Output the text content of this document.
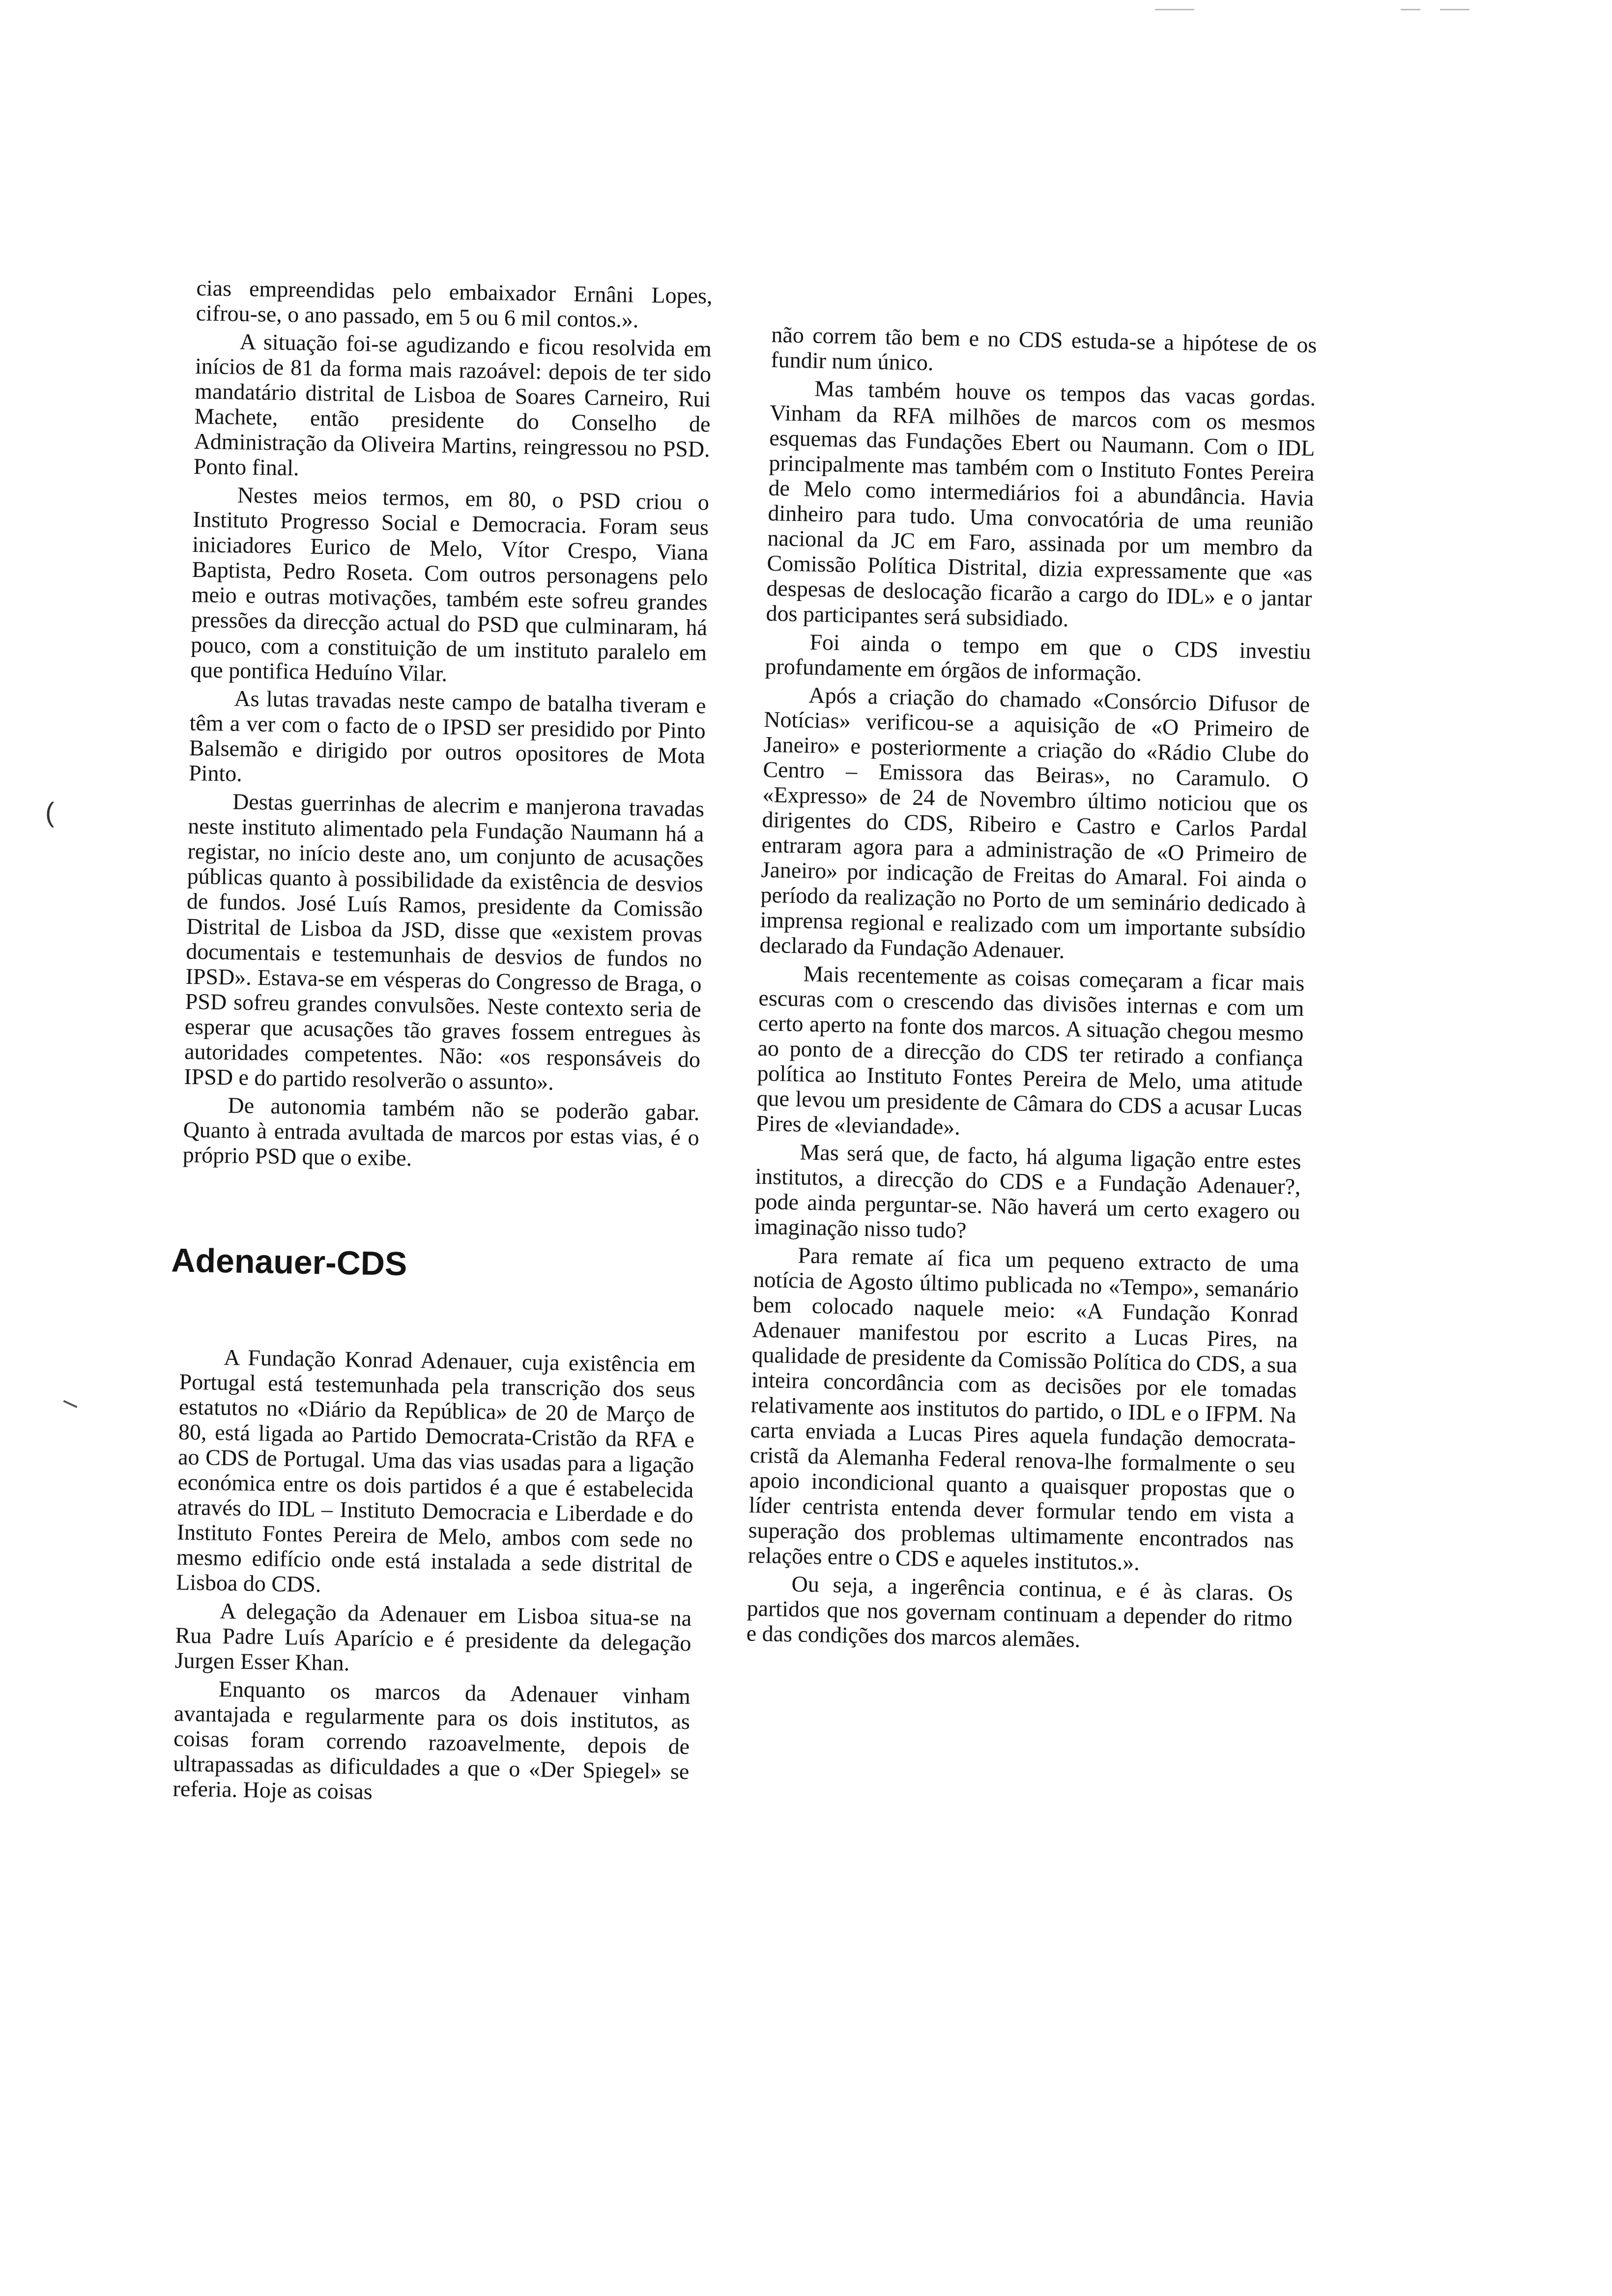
(

cias empreendidas pelo embaixador Ernâni Lopes, cifrou-se, o ano passado, em 5 ou 6 mil contos.».

A situação foi-se agudizando e ficou resolvida em inícios de 81 da forma mais razoável: depois de ter sido mandatário distrital de Lisboa de Soares Carneiro, Rui Machete, então presidente do Conselho de Administração da Oliveira Martins, reingressou no PSD. Ponto final.

Nestes meios termos, em 80, o PSD criou o Instituto Progresso Social e Democracia. Foram seus iniciadores Eurico de Melo, Vítor Crespo, Viana Baptista, Pedro Roseta. Com outros personagens pelo meio e outras motivações, também este sofreu grandes pressões da direcção actual do PSD que culminaram, há pouco, com a constituição de um instituto paralelo em que pontifica Heduíno Vilar.

As lutas travadas neste campo de batalha tiveram e têm a ver com o facto de o IPSD ser presidido por Pinto Balsemão e dirigido por outros opositores de Mota Pinto.

Destas guerrinhas de alecrim e manjerona travadas neste instituto alimentado pela Fundação Naumann há a registar, no início deste ano, um conjunto de acusações públicas quanto à possibilidade da existência de desvios de fundos. José Luís Ramos, presidente da Comissão Distrital de Lisboa da JSD, disse que «existem provas documentais e testemunhais de desvios de fundos no IPSD». Estava-se em vésperas do Congresso de Braga, o PSD sofreu grandes convulsões. Neste contexto seria de esperar que acusações tão graves fossem entregues às autoridades competentes. Não: «os responsáveis do IPSD e do partido resolverão o assunto».

De autonomia também não se poderão gabar. Quanto à entrada avultada de marcos por estas vias, é o próprio PSD que o exibe.

Adenauer-CDS

A Fundação Konrad Adenauer, cuja existência em Portugal está testemunhada pela transcrição dos seus estatutos no «Diário da República» de 20 de Março de 80, está ligada ao Partido Democrata-Cristão da RFA e ao CDS de Portugal. Uma das vias usadas para a ligação económica entre os dois partidos é a que é estabelecida através do IDL – Instituto Democracia e Liberdade e do Instituto Fontes Pereira de Melo, ambos com sede no mesmo edifício onde está instalada a sede distrital de Lisboa do CDS.

A delegação da Adenauer em Lisboa situa-se na Rua Padre Luís Aparício e é presidente da delegação Jurgen Esser Khan.

Enquanto os marcos da Adenauer vinham avantajada e regularmente para os dois institutos, as coisas foram correndo razoavelmente, depois de ultrapassadas as dificuldades a que o «Der Spiegel» se referia. Hoje as coisas

não correm tão bem e no CDS estuda-se a hipótese de os fundir num único.

Mas também houve os tempos das vacas gordas. Vinham da RFA milhões de marcos com os mesmos esquemas das Fundações Ebert ou Naumann. Com o IDL principalmente mas também com o Instituto Fontes Pereira de Melo como intermediários foi a abundância. Havia dinheiro para tudo. Uma convocatória de uma reunião nacional da JC em Faro, assinada por um membro da Comissão Política Distrital, dizia expressamente que «as despesas de deslocação ficarão a cargo do IDL» e o jantar dos participantes será subsidiado.

Foi ainda o tempo em que o CDS investiu profundamente em órgãos de informação.

Após a criação do chamado «Consórcio Difusor de Notícias» verificou-se a aquisição de «O Primeiro de Janeiro» e posteriormente a criação do «Rádio Clube do Centro – Emissora das Beiras», no Caramulo. O «Expresso» de 24 de Novembro último noticiou que os dirigentes do CDS, Ribeiro e Castro e Carlos Pardal entraram agora para a administração de «O Primeiro de Janeiro» por indicação de Freitas do Amaral. Foi ainda o período da realização no Porto de um seminário dedicado à imprensa regional e realizado com um importante subsídio declarado da Fundação Adenauer.

Mais recentemente as coisas começaram a ficar mais escuras com o crescendo das divisões internas e com um certo aperto na fonte dos marcos. A situação chegou mesmo ao ponto de a direcção do CDS ter retirado a confiança política ao Instituto Fontes Pereira de Melo, uma atitude que levou um presidente de Câmara do CDS a acusar Lucas Pires de «leviandade».

Mas será que, de facto, há alguma ligação entre estes institutos, a direcção do CDS e a Fundação Adenauer?, pode ainda perguntar-se. Não haverá um certo exagero ou imaginação nisso tudo?

Para remate aí fica um pequeno extracto de uma notícia de Agosto último publicada no «Tempo», semanário bem colocado naquele meio: «A Fundação Konrad Adenauer manifestou por escrito a Lucas Pires, na qualidade de presidente da Comissão Política do CDS, a sua inteira concordância com as decisões por ele tomadas relativamente aos institutos do partido, o IDL e o IFPM. Na carta enviada a Lucas Pires aquela fundação democrata-cristã da Alemanha Federal renova-lhe formalmente o seu apoio incondicional quanto a quaisquer propostas que o líder centrista entenda dever formular tendo em vista a superação dos problemas ultimamente encontrados nas relações entre o CDS e aqueles institutos.».

Ou seja, a ingerência continua, e é às claras. Os partidos que nos governam continuam a depender do ritmo e das condições dos marcos alemães.
